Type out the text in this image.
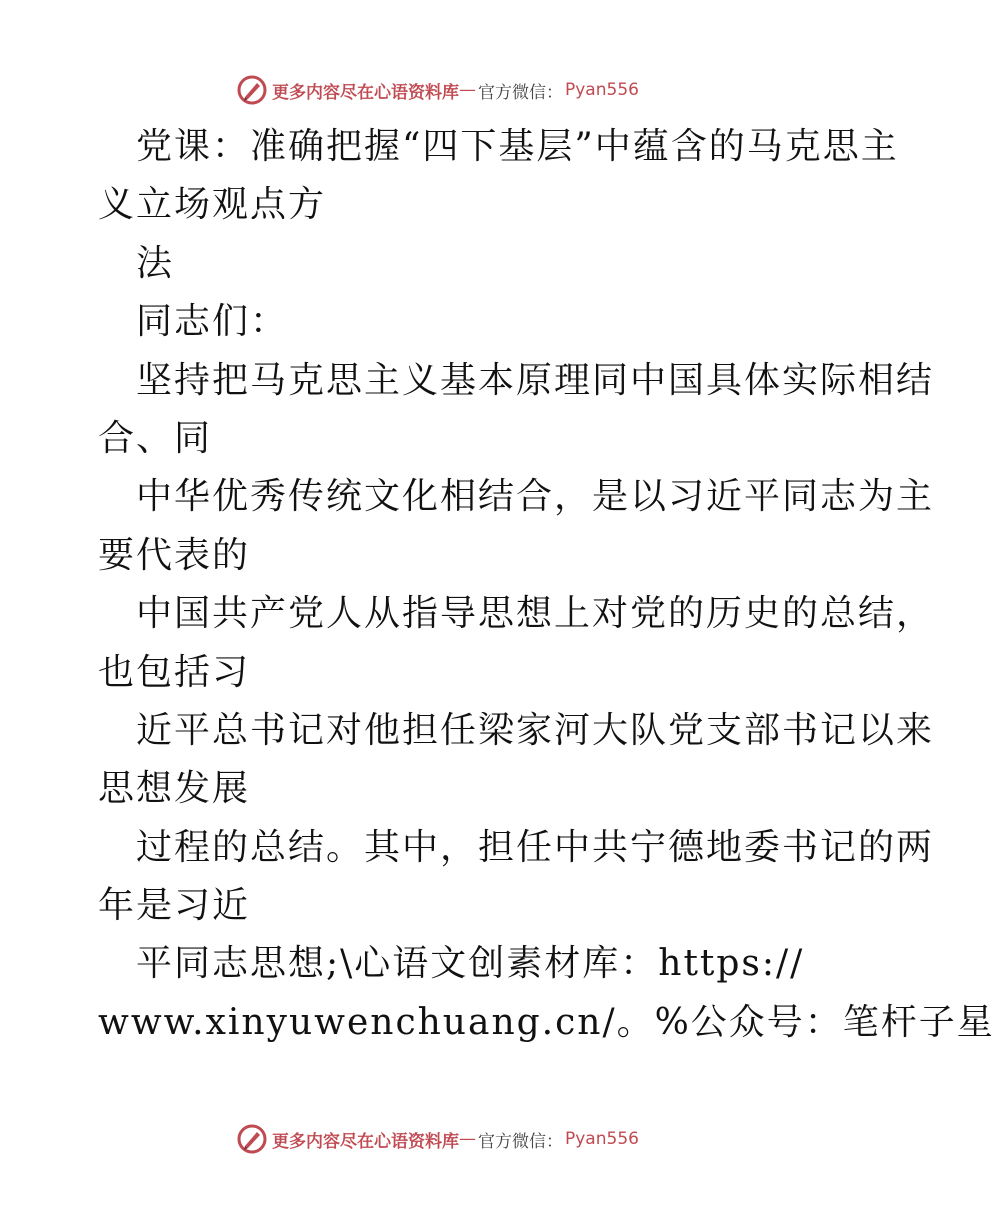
更多内容尽在心语资料库 — 官方微信： Pyan556
党课：准确把握“四下基层”中蕴含的马克思主
义立场观点方
法
同志们：
坚持把马克思主义基本原理同中国具体实际相结
合、同
中华优秀传统文化相结合，是以习近平同志为主
要代表的
中国共产党人从指导思想上对党的历史的总结，
也包括习
近平总书记对他担任梁家河大队党支部书记以来
思想发展
过程的总结。其中，担任中共宁德地委书记的两
年是习近
平同志思想;\心语文创素材库：https://
www.xinyuwenchuang.cn/。%公众号：笔杆子星
更多内容尽在心语资料库 — 官方微信： Pyan556
